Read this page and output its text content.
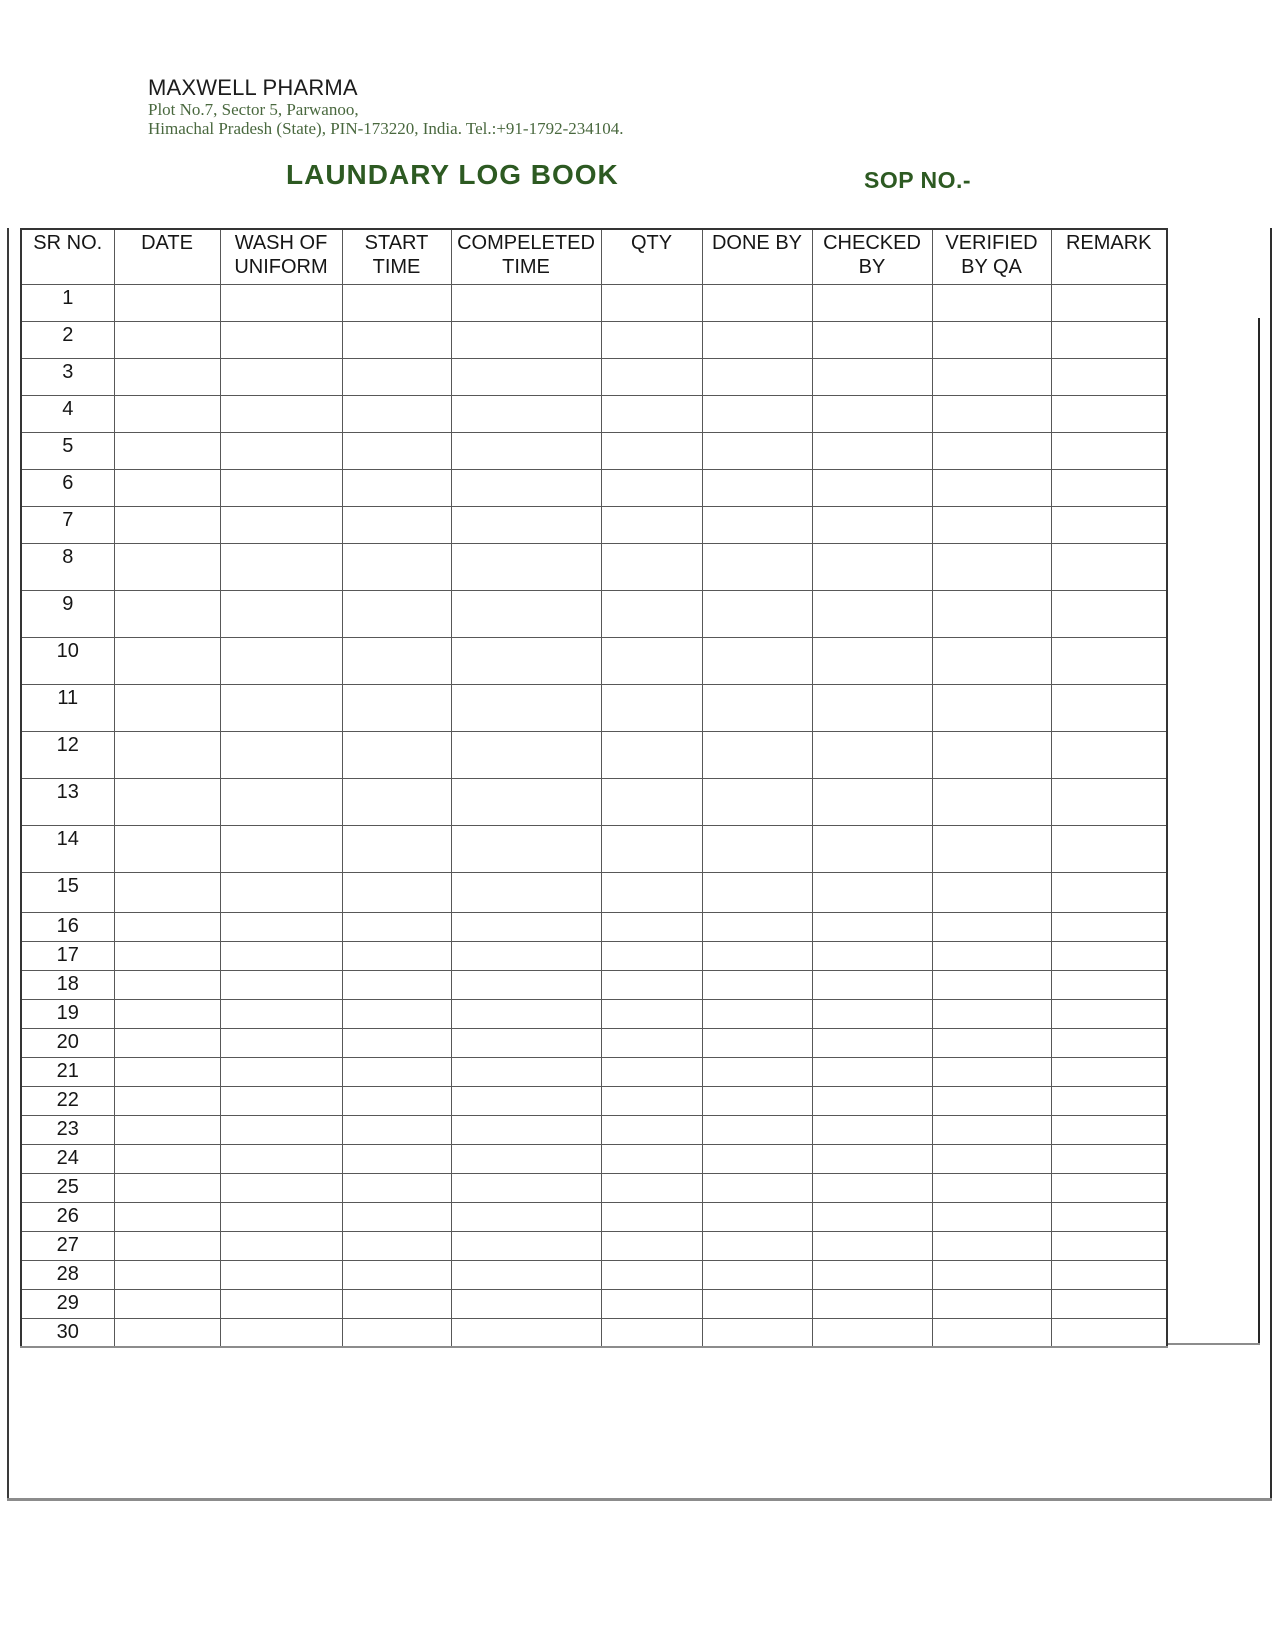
MAXWELL PHARMA
Plot No.7, Sector 5, Parwanoo,
Himachal Pradesh (State), PIN-173220, India. Tel.:+91-1792-234104.
LAUNDARY LOG BOOK	SOP NO.-
SR NO.	DATE	WASH OF UNIFORM	START TIME	COMPELETED TIME	QTY	DONE BY	CHECKED BY	VERIFIED BY QA	REMARK
1									
2									
3									
4									
5									
6									
7									
8									
9									
10									
11									
12									
13									
14									
15									
16									
17									
18									
19									
20									
21									
22									
23									
24									
25									
26									
27									
28									
29									
30									
